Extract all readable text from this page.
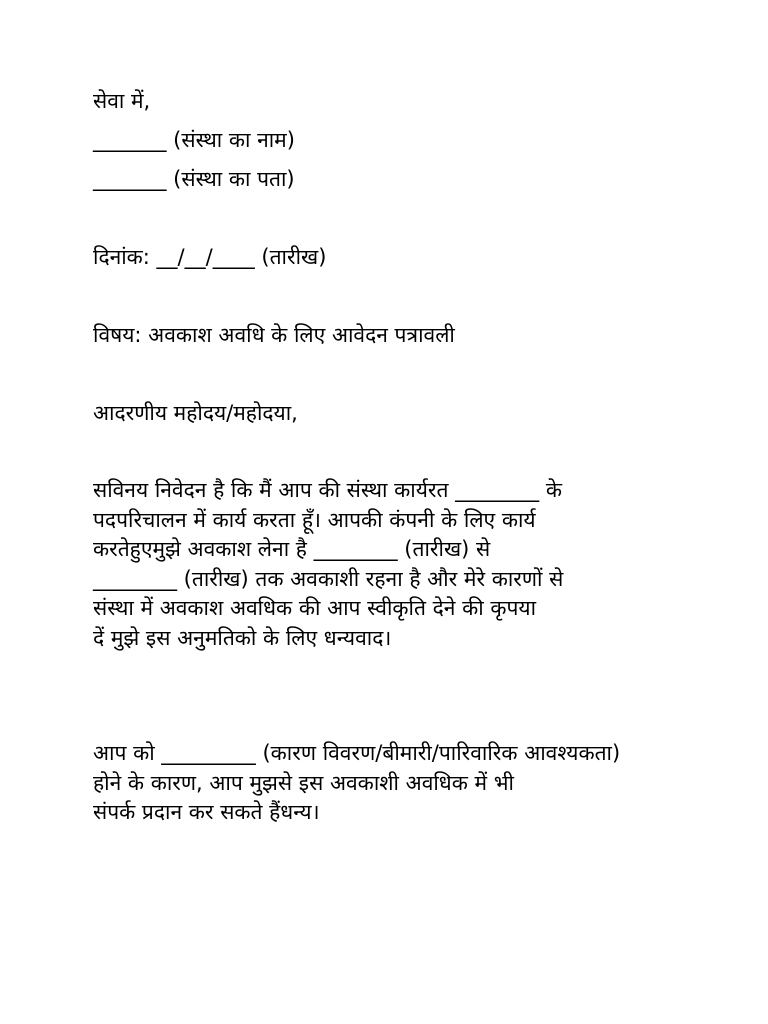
सेवा में,
_______ (संस्था का नाम)
_______ (संस्था का पता)
दिनांक: __/__/____ (तारीख)
विषय: अवकाश अवधि के लिए आवेदन पत्रावली
आदरणीय महोदय/महोदया,

सविनय निवेदन है कि मैं आप की संस्था कार्यरत ________ के

पदपरिचालन में कार्य करता हूँ। आपकी कंपनी के लिए कार्य

करतेहुएमुझे अवकाश लेना है ________ (तारीख) से

________ (तारीख) तक अवकाशी रहना है और मेरे कारणों से

संस्था में अवकाश अवधिक की आप स्वीकृति देने की कृपया

दें मुझे इस अनुमतिको के लिए धन्यवाद।

आप को _________ (कारण विवरण/बीमारी/पारिवारिक आवश्यकता)

होने के कारण, आप मुझसे इस अवकाशी अवधिक में भी

संपर्क प्रदान कर सकते हैंधन्य।
